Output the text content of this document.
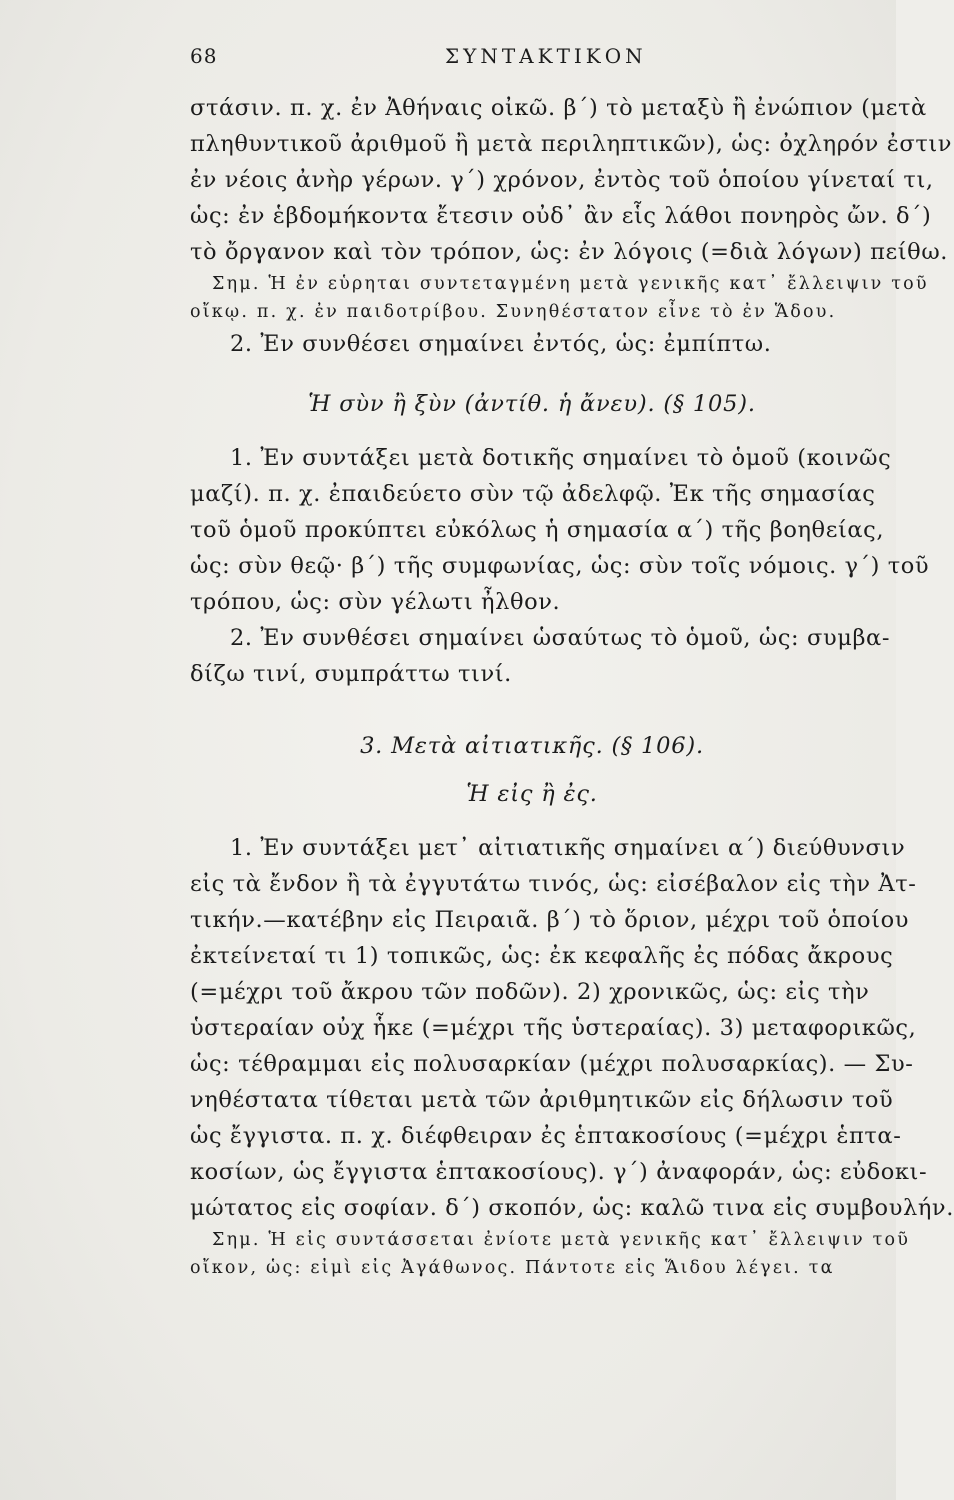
68	ΣΥΝΤΑΚΤΙΚΟΝ
στάσιν. π. χ. ἐν Ἀθήναις οἰκῶ. β΄) τὸ μεταξὺ ἢ ἐνώπιον (μετὰ
πληθυντικοῦ ἀριθμοῦ ἢ μετὰ περιληπτικῶν), ὡς: ὀχληρόν ἐστιν
ἐν νέοις ἀνὴρ γέρων. γ΄) χρόνον, ἐντὸς τοῦ ὁποίου γίνεταί τι,
ὡς: ἐν ἑβδομήκοντα ἔτεσιν οὐδ᾽ ἂν εἷς λάθοι πονηρὸς ὤν. δ΄)
τὸ ὄργανον καὶ τὸν τρόπον, ὡς: ἐν λόγοις (=διὰ λόγων) πείθω.
Σημ. Ἡ ἐν εὑρηται συντεταγμένη μετὰ γενικῆς κατ᾽ ἔλλειψιν τοῦ
οἴκῳ. π. χ. ἐν παιδοτρίβου. Συνηθέστατον εἶνε τὸ ἐν Ἅδου.
2. Ἐν συνθέσει σημαίνει ἐντός, ὡς: ἐμπίπτω.
Ἡ σὺν ἢ ξὺν (ἀντίθ. ἡ ἄνευ). (§ 105).
1. Ἐν συντάξει μετὰ δοτικῆς σημαίνει τὸ ὁμοῦ (κοινῶς
μαζί). π. χ. ἐπαιδεύετο σὺν τῷ ἀδελφῷ. Ἐκ τῆς σημασίας
τοῦ ὁμοῦ προκύπτει εὐκόλως ἡ σημασία α΄) τῆς βοηθείας,
ὡς: σὺν θεῷ· β΄) τῆς συμφωνίας, ὡς: σὺν τοῖς νόμοις. γ΄) τοῦ
τρόπου, ὡς: σὺν γέλωτι ἦλθον.
2. Ἐν συνθέσει σημαίνει ὡσαύτως τὸ ὁμοῦ, ὡς: συμβα-
δίζω τινί, συμπράττω τινί.
3. Μετὰ αἰτιατικῆς. (§ 106).
Ἡ εἰς ἢ ἐς.
1. Ἐν συντάξει μετ᾽ αἰτιατικῆς σημαίνει α΄) διεύθυνσιν
εἰς τὰ ἔνδον ἢ τὰ ἐγγυτάτω τινός, ὡς: εἰσέβαλον εἰς τὴν Ἀτ-
τικήν.—κατέβην εἰς Πειραιᾶ. β΄) τὸ ὅριον, μέχρι τοῦ ὁποίου
ἐκτείνεταί τι 1) τοπικῶς, ὡς: ἐκ κεφαλῆς ἐς πόδας ἄκρους
(=μέχρι τοῦ ἄκρου τῶν ποδῶν). 2) χρονικῶς, ὡς: εἰς τὴν
ὑστεραίαν οὐχ ἧκε (=μέχρι τῆς ὑστεραίας). 3) μεταφορικῶς,
ὡς: τέθραμμαι εἰς πολυσαρκίαν (μέχρι πολυσαρκίας). — Συ-
νηθέστατα τίθεται μετὰ τῶν ἀριθμητικῶν εἰς δήλωσιν τοῦ
ὡς ἔγγιστα. π. χ. διέφθειραν ἐς ἑπτακοσίους (=μέχρι ἑπτα-
κοσίων, ὡς ἔγγιστα ἑπτακοσίους). γ΄) ἀναφοράν, ὡς: εὐδοκι-
μώτατος εἰς σοφίαν. δ΄) σκοπόν, ὡς: καλῶ τινα εἰς συμβουλήν.
Σημ. Ἡ εἰς συντάσσεται ἐνίοτε μετὰ γενικῆς κατ᾽ ἔλλειψιν τοῦ
οἴκον, ὡς: εἰμὶ εἰς Ἀγάθωνος. Πάντοτε εἰς Ἅιδου λέγει. τα
